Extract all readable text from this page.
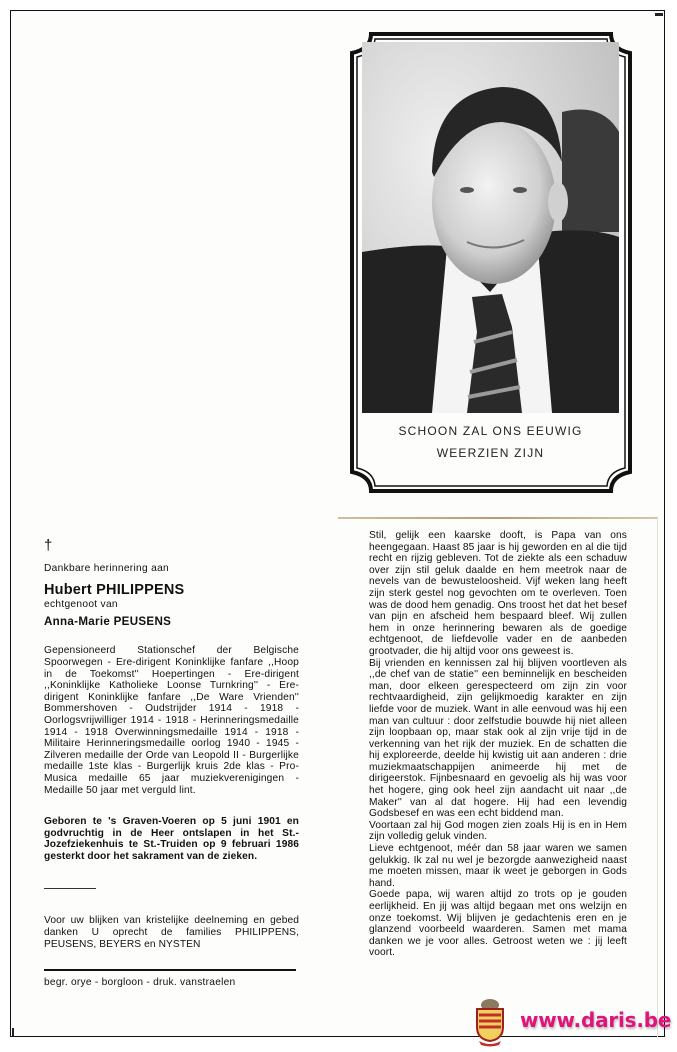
SCHOON ZAL ONS EEUWIG
WEERZIEN ZIJN
†
Dankbare herinnering aan
Hubert PHILIPPENS
echtgenoot van
Anna-Marie PEUSENS
Gepensioneerd Stationschef der Belgische Spoorwegen - Ere-dirigent Koninklijke fanfare ,,Hoop in de Toekomst'' Hoepertingen - Ere-dirigent ,,Koninklijke Katholieke Loonse Turnkring'' - Ere-dirigent Koninklijke fanfare ,,De Ware Vrienden'' Bommershoven - Oudstrijder 1914 - 1918 - Oorlogsvrijwilliger 1914 - 1918 - Herinneringsmedaille 1914 - 1918 Overwinningsmedaille 1914 - 1918 - Militaire Herinneringsmedaille oorlog 1940 - 1945 - Zilveren medaille der Orde van Leopold II - Burgerlijke medaille 1ste klas - Burgerlijk kruis 2de klas - Pro-Musica medaille 65 jaar muziekverenigingen - Medaille 50 jaar met verguld lint.
Geboren te 's Graven-Voeren op 5 juni 1901 en godvruchtig in de Heer ontslapen in het St.-Jozefziekenhuis te St.-Truiden op 9 februari 1986 gesterkt door het sakrament van de zieken.
Voor uw blijken van kristelijke deelneming en gebed danken U oprecht de families PHILIPPENS, PEUSENS, BEYERS en NYSTEN
begr. orye - borgloon - druk. vanstraelen

Stil, gelijk een kaarske dooft, is Papa van ons heengegaan. Haast 85 jaar is hij geworden en al die tijd recht en rijzig gebleven. Tot de ziekte als een schaduw over zijn stil geluk daalde en hem meetrok naar de nevels van de bewusteloosheid. Vijf weken lang heeft zijn sterk gestel nog gevochten om te overleven. Toen was de dood hem genadig. Ons troost het dat het besef van pijn en afscheid hem bespaard bleef. Wij zullen hem in onze herinnering bewaren als de goedige echtgenoot, de liefdevolle vader en de aanbeden grootvader, die hij altijd voor ons geweest is.

Bij vrienden en kennissen zal hij blijven voortleven als ,,de chef van de statie'' een beminnelijk en bescheiden man, door elkeen gerespecteerd om zijn zin voor rechtvaardigheid, zijn gelijkmoedig karakter en zijn liefde voor de muziek. Want in alle eenvoud was hij een man van cultuur : door zelfstudie bouwde hij niet alleen zijn loopbaan op, maar stak ook al zijn vrije tijd in de verkenning van het rijk der muziek. En de schatten die hij exploreerde, deelde hij kwistig uit aan anderen : drie muziekmaatschappijen animeerde hij met de dirigeerstok. Fijnbesnaard en gevoelig als hij was voor het hogere, ging ook heel zijn aandacht uit naar ,,de Maker'' van al dat hogere. Hij had een levendig Godsbesef en was een echt biddend man.

Voortaan zal hij God mogen zien zoals Hij is en in Hem zijn volledig geluk vinden.

Lieve echtgenoot, méér dan 58 jaar waren we samen gelukkig. Ik zal nu wel je bezorgde aanwezigheid naast me moeten missen, maar ik weet je geborgen in Gods hand.

Goede papa, wij waren altijd zo trots op je gouden eerlijkheid. En jij was altijd begaan met ons welzijn en onze toekomst. Wij blijven je gedachtenis eren en je glanzend voorbeeld waarderen. Samen met mama danken we je voor alles. Getroost weten we : jij leeft voort.

www.daris.be
